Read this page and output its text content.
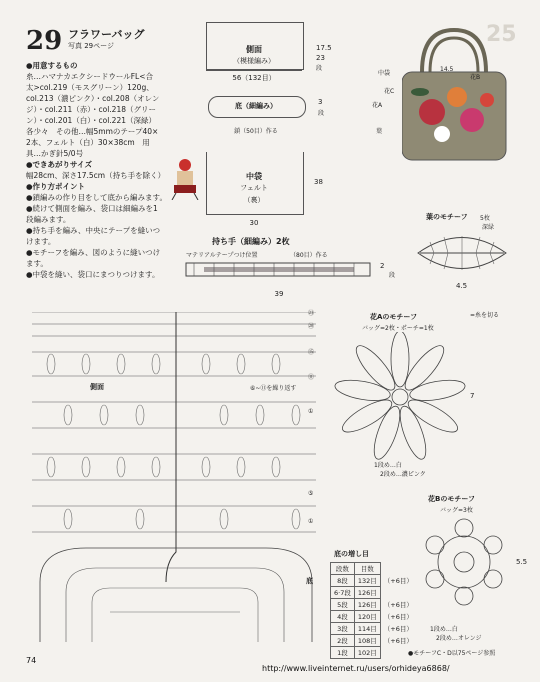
29 フラワーバッグ
写真 29ページ	25
●用意するもの
糸…ハマナカエクシードウールFL<合
太>col.219（モスグリーン）120g、
col.213（濃ピンク）・col.208（オレン
ジ）・col.211（赤）・col.218（グリー
ン）・col.201（白）・col.221（深緑）
各少々　その他…幅5mmのテープ40×
2本、フェルト（白）30×38cm　用
具…かぎ針5/0号
●できあがりサイズ
幅28cm、深さ17.5cm（持ち手を除く）
●作り方ポイント
●鎖編みの作り目をして底から編みます。
●続けて側面を編み、袋口は細編みを1
段編みます。
●持ち手を編み、中央にテープを縫いつ
けます。
●モチーフを編み、図のように縫いつけ
ます。
●中袋を縫い、袋口にまつりつけます。
側面
（模様編み）
56（132目）
17.5
23
段
底（細編み）
鎖（50目）作る
3
段
中袋
フェルト
（裏）
30
38
中袋
花A
花C
花B
葉
14.5
持ち手（細編み）2枚
マテリアルテープつけ位置	（80目）作る
39
2
段
葉のモチーフ 5枚
深緑
4.5
花Aのモチーフ
バッグ=2枚・ポーチ=1枚
=糸を切る
7
1段め…白
2段め…濃ピンク
花Bのモチーフ
バッグ=3枚
5.5
1段め…白
2段め…オレンジ
側面	⑥~⑪を繰り返す
底
㉓
⑳
⑮
⑪
①
⑤
①
底の増し目
段数	目数	
8段	132目	（+6目）
6·7段	126目	
5段	126目	（+6目）
4段	120目	（+6目）
3段	114目	（+6目）
2段	108目	（+6目）
1段	102目		●モチーフC・D以75ページ参照
74
http://www.liveinternet.ru/users/orhideya6868/
